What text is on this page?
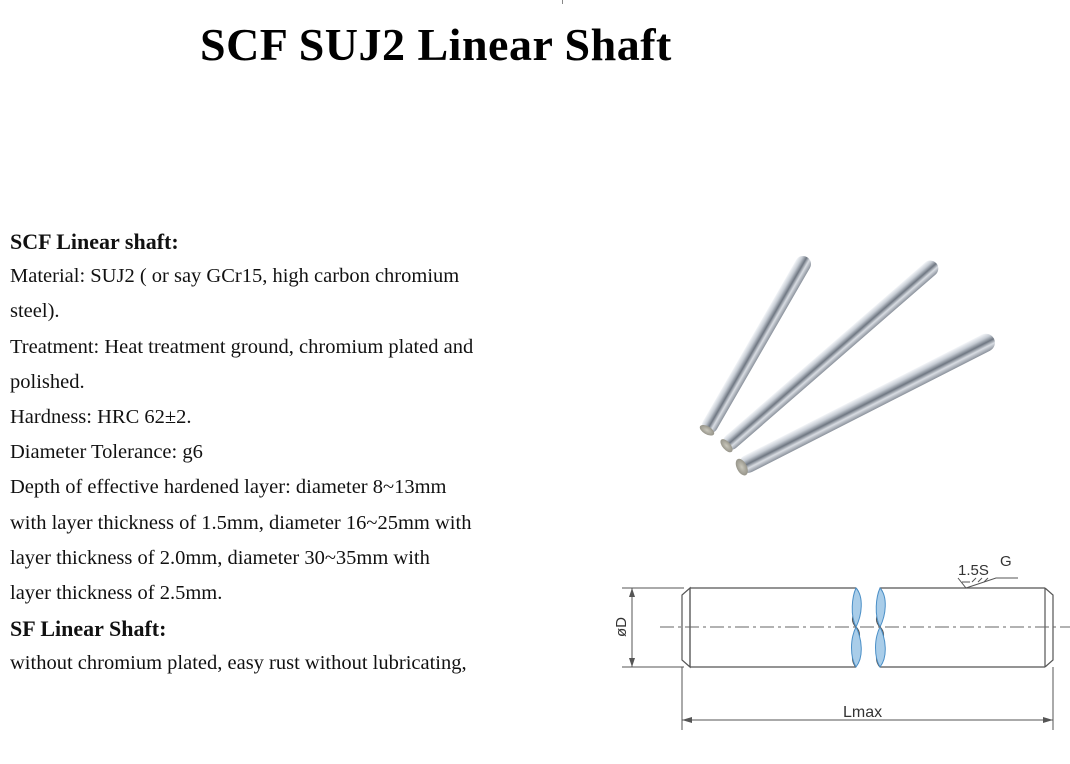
SCF SUJ2 Linear Shaft

SCF Linear shaft:

Material: SUJ2 ( or say GCr15, high carbon chromium

steel).

Treatment: Heat treatment ground, chromium plated and

polished.

Hardness: HRC 62±2.

Diameter Tolerance: g6

Depth of effective hardened layer: diameter 8~13mm

with layer thickness of 1.5mm, diameter 16~25mm with

layer thickness of 2.0mm, diameter 30~35mm with

layer thickness of 2.5mm.

SF Linear Shaft:

without chromium plated, easy rust without lubricating,

øD
Lmax
1.5S
G
